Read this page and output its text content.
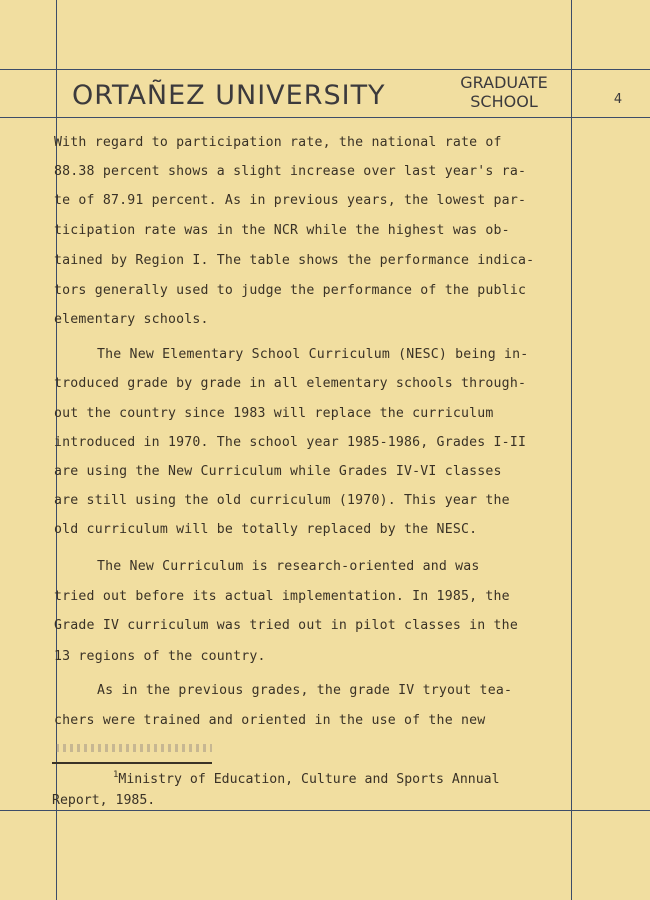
ORTAÑEZ UNIVERSITY	GRADUATE
SCHOOL	4
With regard to participation rate, the national rate of
88.38 percent shows a slight increase over last year's ra-
te of 87.91 percent. As in previous years, the lowest par-
ticipation rate was in the NCR while the highest was ob-
tained by Region I. The table shows the performance indica-
tors generally used to judge the performance of the public
elementary schools.
The New Elementary School Curriculum (NESC) being in-
troduced grade by grade in all elementary schools through-
out the country since 1983 will replace the curriculum
introduced in 1970. The school year 1985-1986, Grades I-II
are using the New Curriculum while Grades IV-VI classes
are still using the old curriculum (1970). This year the
old curriculum will be totally replaced by the NESC.
The New Curriculum is research-oriented and was
tried out before its actual implementation. In 1985, the
Grade IV curriculum was tried out in pilot classes in the
13 regions of the country.
As in the previous grades, the grade IV tryout tea-
chers were trained and oriented in the use of the new
$^1$Ministry of Education, Culture and Sports Annual
Report, 1985.
